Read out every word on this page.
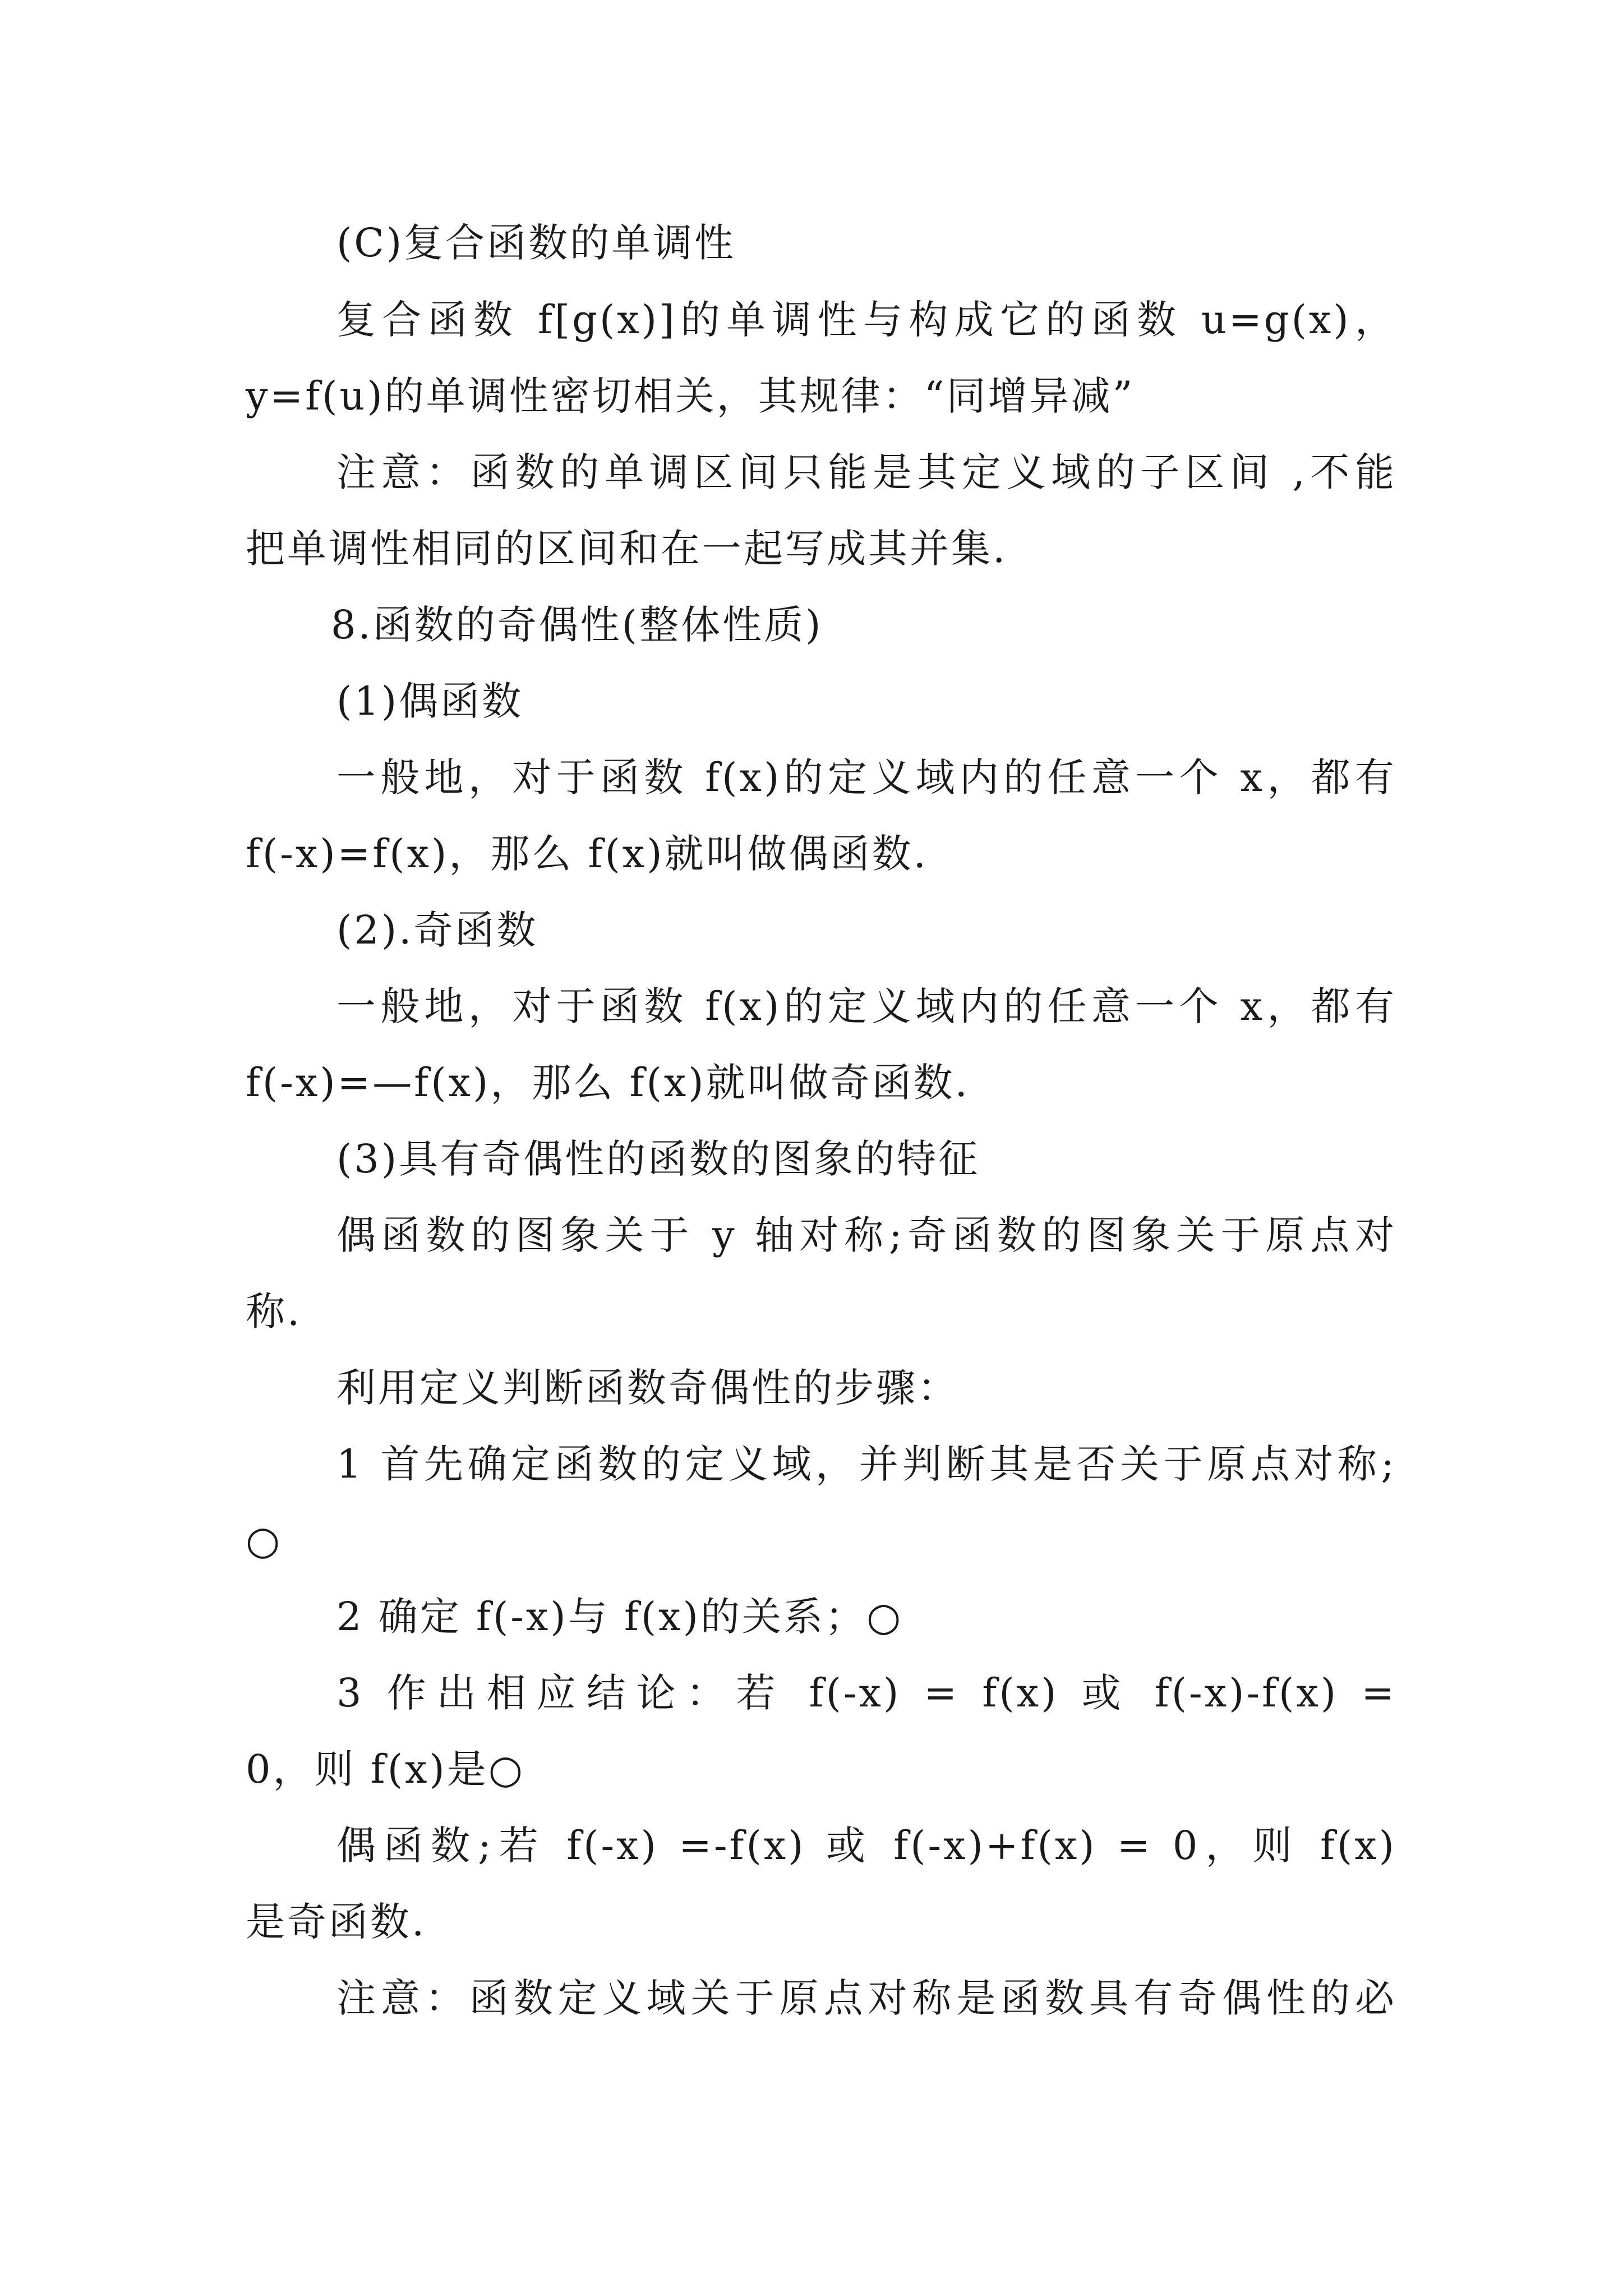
(C)复合函数的单调性
复合函数 f[g(x)]的单调性与构成它的函数 u=g(x)，
y=f(u)的单调性密切相关，其规律：“同增异减”
注意：函数的单调区间只能是其定义域的子区间 ,不能
把单调性相同的区间和在一起写成其并集.
8.函数的奇偶性(整体性质)
(1)偶函数
一般地，对于函数 f(x)的定义域内的任意一个 x，都有
f(-x)=f(x)，那么 f(x)就叫做偶函数.
(2).奇函数
一般地，对于函数 f(x)的定义域内的任意一个 x，都有
f(-x)=—f(x)，那么 f(x)就叫做奇函数.
(3)具有奇偶性的函数的图象的特征
偶函数的图象关于 y 轴对称;奇函数的图象关于原点对
称.
利用定义判断函数奇偶性的步骤：
1 首先确定函数的定义域，并判断其是否关于原点对称;
○
2 确定 f(-x)与 f(x)的关系；○
3 作出相应结论：若 f(-x) = f(x) 或 f(-x)-f(x) =
0，则 f(x)是○
偶函数;若 f(-x) =-f(x) 或 f(-x)+f(x) = 0，则 f(x)
是奇函数.
注意：函数定义域关于原点对称是函数具有奇偶性的必
